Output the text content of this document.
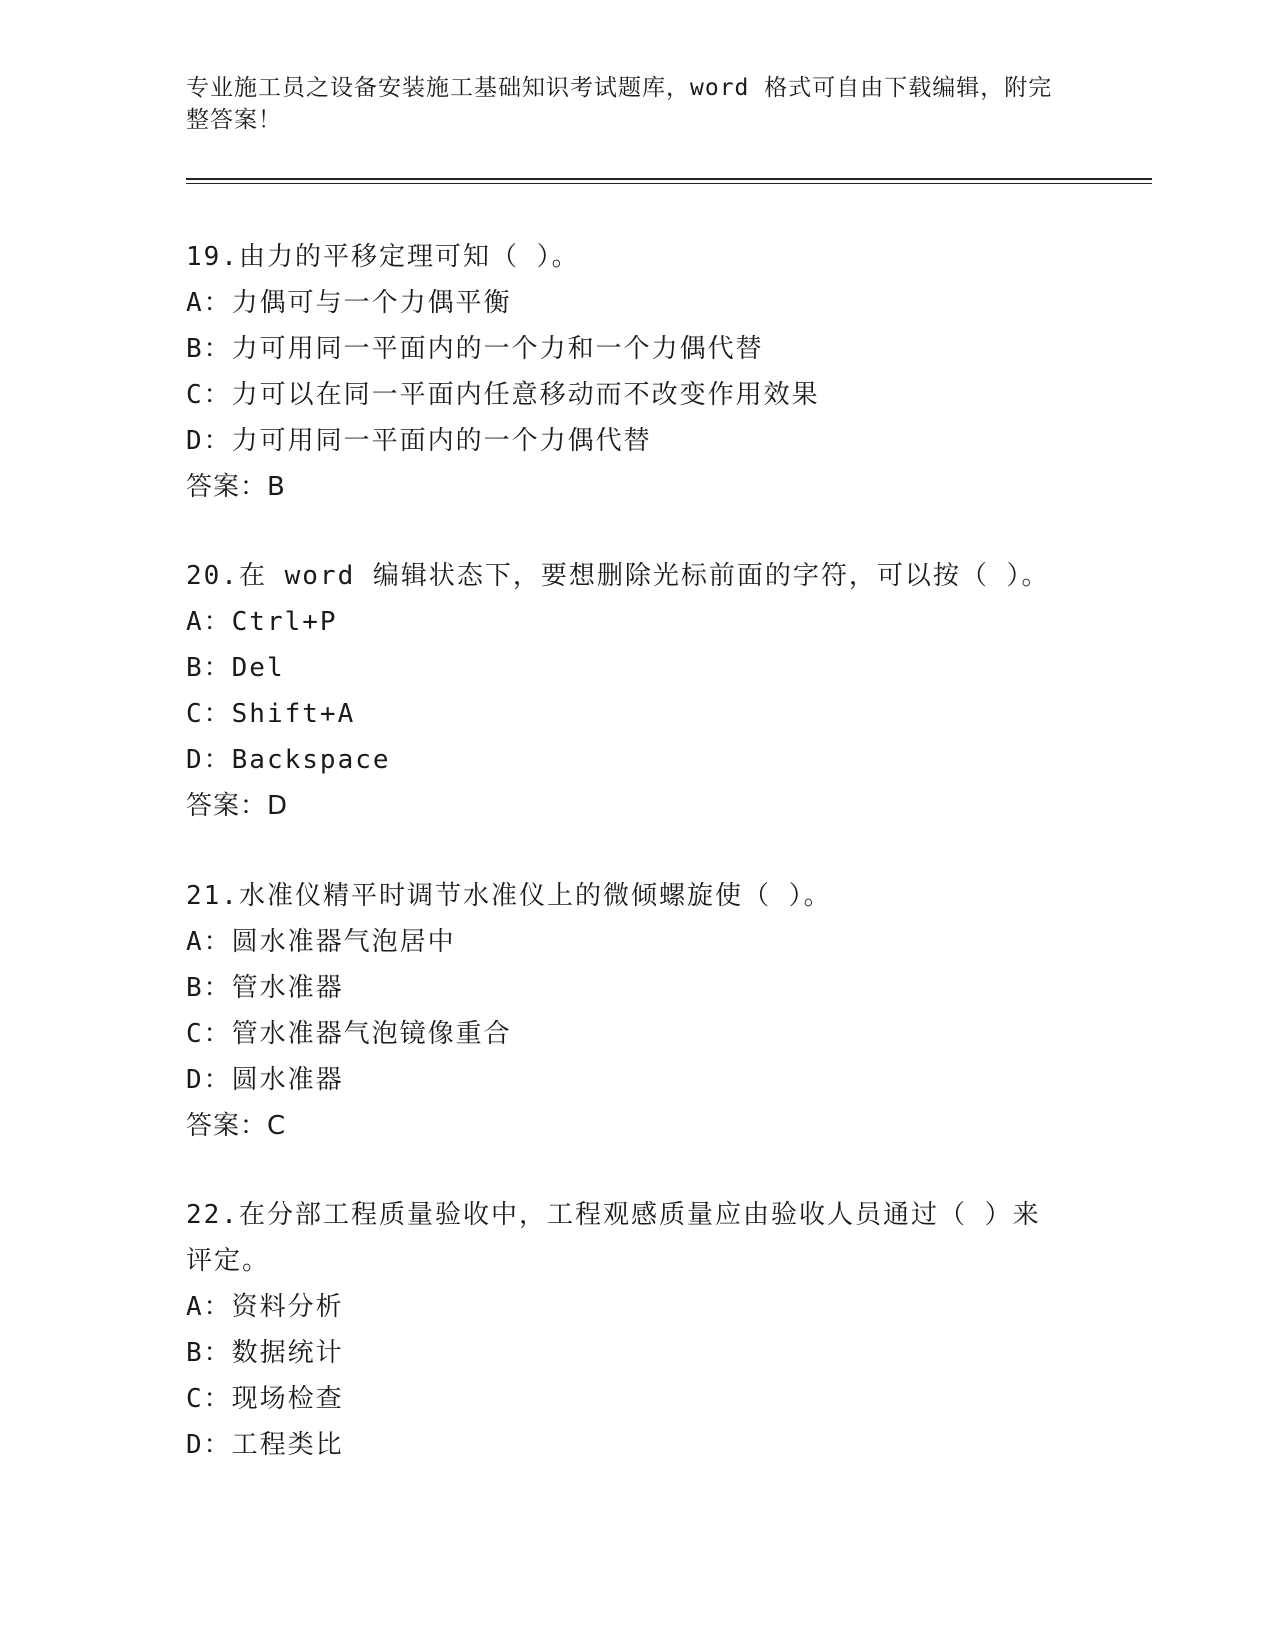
专业施工员之设备安装施工基础知识考试题库，word 格式可自由下载编辑，附完
整答案！
19.由力的平移定理可知（ ）。
A：力偶可与一个力偶平衡
B：力可用同一平面内的一个力和一个力偶代替
C：力可以在同一平面内任意移动而不改变作用效果
D：力可用同一平面内的一个力偶代替
答案：B
20.在 word 编辑状态下，要想删除光标前面的字符，可以按（ ）。
A：Ctrl+P
B：Del
C：Shift+A
D：Backspace
答案：D
21.水准仪精平时调节水准仪上的微倾螺旋使（ ）。
A：圆水准器气泡居中
B：管水准器
C：管水准器气泡镜像重合
D：圆水准器
答案：C
22.在分部工程质量验收中，工程观感质量应由验收人员通过（ ）来
评定。
A：资料分析
B：数据统计
C：现场检查
D：工程类比
